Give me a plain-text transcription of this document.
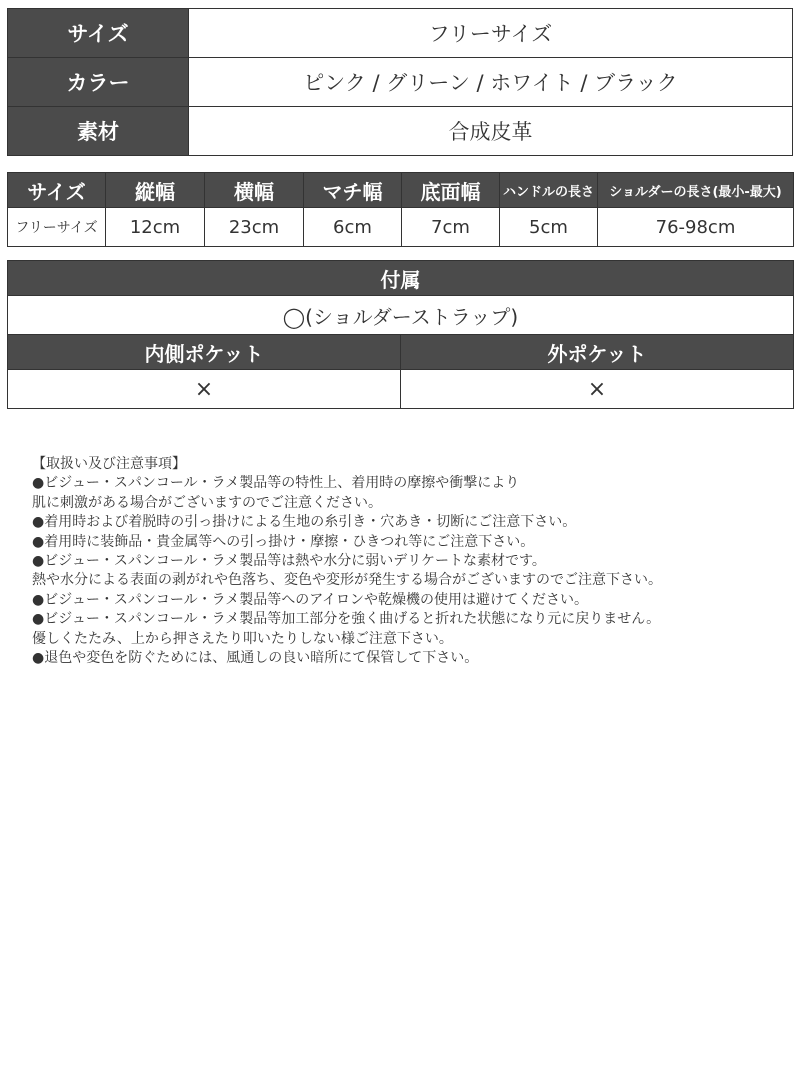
サイズ	フリーサイズ
カラー	ピンク / グリーン / ホワイト / ブラック
素材	合成皮革
サイズ	縦幅	横幅	マチ幅	底面幅	ハンドルの長さ	ショルダーの長さ(最小-最大)
フリーサイズ	12cm	23cm	6cm	7cm	5cm	76-98cm
付属	
◯(ショルダーストラップ)	
内側ポケット	外ポケット
×	×
【取扱い及び注意事項】
●ビジュー・スパンコール・ラメ製品等の特性上、着用時の摩擦や衝撃により
肌に刺激がある場合がございますのでご注意ください。
●着用時および着脱時の引っ掛けによる生地の糸引き・穴あき・切断にご注意下さい。
●着用時に装飾品・貴金属等への引っ掛け・摩擦・ひきつれ等にご注意下さい。
●ビジュー・スパンコール・ラメ製品等は熱や水分に弱いデリケートな素材です。
熱や水分による表面の剥がれや色落ち、変色や変形が発生する場合がございますのでご注意下さい。
●ビジュー・スパンコール・ラメ製品等へのアイロンや乾燥機の使用は避けてください。
●ビジュー・スパンコール・ラメ製品等加工部分を強く曲げると折れた状態になり元に戻りません。
優しくたたみ、上から押さえたり叩いたりしない様ご注意下さい。
●退色や変色を防ぐためには、風通しの良い暗所にて保管して下さい。
